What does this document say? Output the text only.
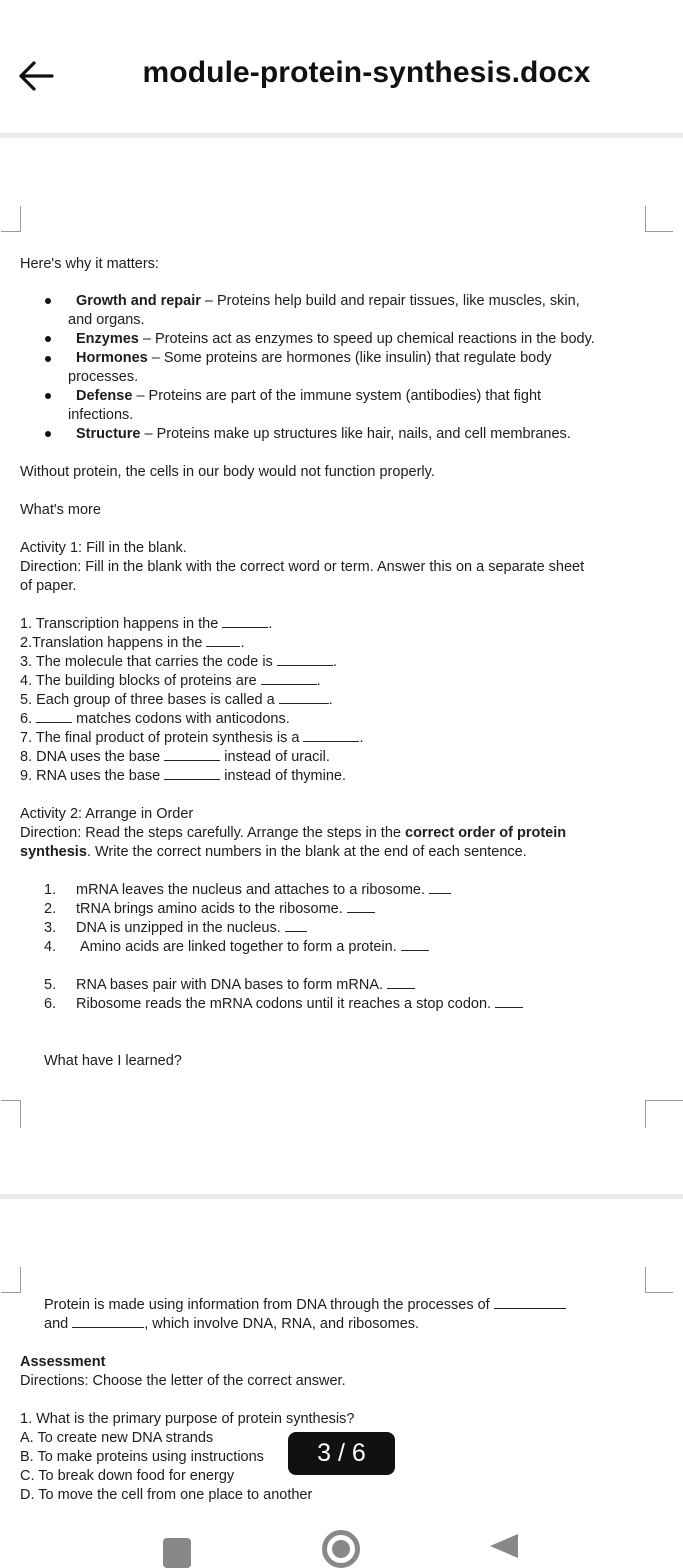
module-protein-synthesis.docx
Here's why it matters:
Growth and repair – Proteins help build and repair tissues, like muscles, skin,
and organs.
Enzymes – Proteins act as enzymes to speed up chemical reactions in the body.
Hormones – Some proteins are hormones (like insulin) that regulate body
processes.
Defense – Proteins are part of the immune system (antibodies) that fight
infections.
Structure – Proteins make up structures like hair, nails, and cell membranes.
Without protein, the cells in our body would not function properly.
What's more
Activity 1: Fill in the blank.
Direction: Fill in the blank with the correct word or term. Answer this on a separate sheet
of paper.
1. Transcription happens in the	.
2.Translation happens in the .
3. The molecule that carries the code is	.
4. The building blocks of proteins are	.
5. Each group of three bases is called a	.
6.  matches codons with anticodons.
7. The final product of protein synthesis is a	.
8. DNA uses the base	instead of uracil.
9. RNA uses the base	instead of thymine.
Activity 2: Arrange in Order
Direction: Read the steps carefully. Arrange the steps in the correct order of protein
synthesis. Write the correct numbers in the blank at the end of each sentence.
1. mRNA leaves the nucleus and attaches to a ribosome.
2. tRNA brings amino acids to the ribosome.
3. DNA is unzipped in the nucleus.
4. Amino acids are linked together to form a protein.
5. RNA bases pair with DNA bases to form mRNA.
6. Ribosome reads the mRNA codons until it reaches a stop codon.
What have I learned?
Protein is made using information from DNA through the processes of
and	, which involve DNA, RNA, and ribosomes.
Assessment
Directions: Choose the letter of the correct answer.
1. What is the primary purpose of protein synthesis?
A. To create new DNA strands
B. To make proteins using instructions
C. To break down food for energy
D. To move the cell from one place to another
3 / 6
